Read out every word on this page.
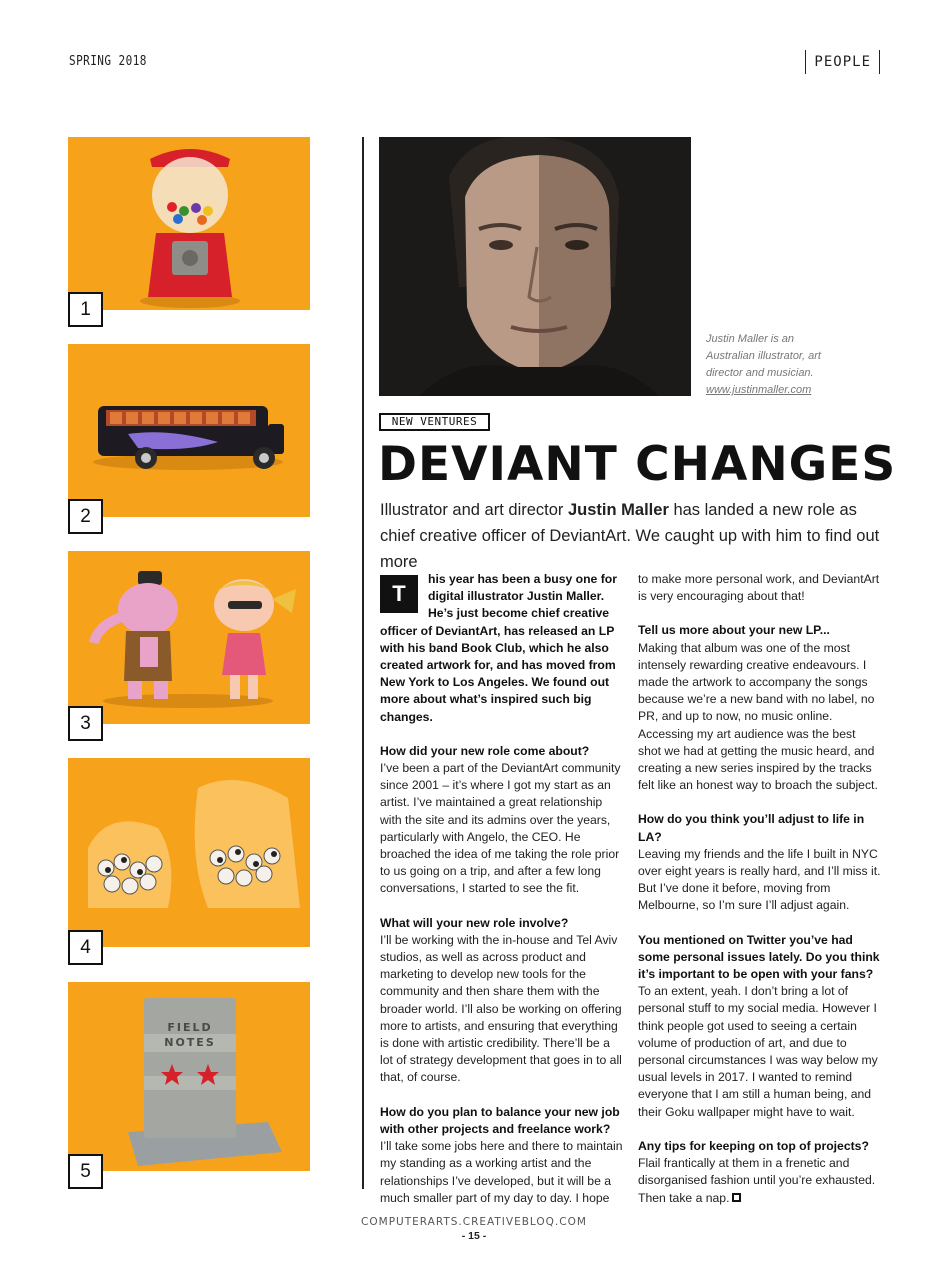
SPRING 2018	PEOPLE
1
2
3
4
FIELD
NOTES
5
Justin Maller is an
Australian illustrator, art
director and musician.
www.justinmaller.com
NEW VENTURES
DEVIANT CHANGES
Illustrator and art director Justin Maller has landed a new role as chief creative officer of DeviantArt. We caught up with him to find out more

T
his year has been a busy one for digital illustrator Justin Maller. He’s just become chief creative officer of DeviantArt, has released an LP with his band Book Club, which he also created artwork for, and has moved from New York to Los Angeles. We found out more about what’s inspired such big changes.

How did your new role come about?
I’ve been a part of the DeviantArt community since 2001 – it’s where I got my start as an artist. I’ve maintained a great relationship with the site and its admins over the years, particularly with Angelo, the CEO. He broached the idea of me taking the role prior to us going on a trip, and after a few long conversations, I started to see the fit.

What will your new role involve?
I’ll be working with the in-house and Tel Aviv studios, as well as across product and marketing to develop new tools for the community and then share them with the broader world. I’ll also be working on offering more to artists, and ensuring that everything is done with artistic credibility. There’ll be a lot of strategy development that goes in to all that, of course.

How do you plan to balance your new job with other projects and freelance work?
I’ll take some jobs here and there to maintain my standing as a working artist and the relationships I’ve developed, but it will be a much smaller part of my day to day. I hope

to make more personal work, and DeviantArt is very encouraging about that!

Tell us more about your new LP...
Making that album was one of the most intensely rewarding creative endeavours. I made the artwork to accompany the songs because we’re a new band with no label, no PR, and up to now, no music online. Accessing my art audience was the best shot we had at getting the music heard, and creating a new series inspired by the tracks felt like an honest way to broach the subject.

How do you think you’ll adjust to life in LA?
Leaving my friends and the life I built in NYC over eight years is really hard, and I’ll miss it. But I’ve done it before, moving from Melbourne, so I’m sure I’ll adjust again.

You mentioned on Twitter you’ve had some personal issues lately. Do you think it’s important to be open with your fans?
To an extent, yeah. I don’t bring a lot of personal stuff to my social media. However I think people got used to seeing a certain volume of production of art, and due to personal circumstances I was way below my usual levels in 2017. I wanted to remind everyone that I am still a human being, and their Goku wallpaper might have to wait.

Any tips for keeping on top of projects?
Flail frantically at them in a frenetic and disorganised fashion until you’re exhausted. Then take a nap.

COMPUTERARTS.CREATIVEBLOQ.COM
- 15 -
